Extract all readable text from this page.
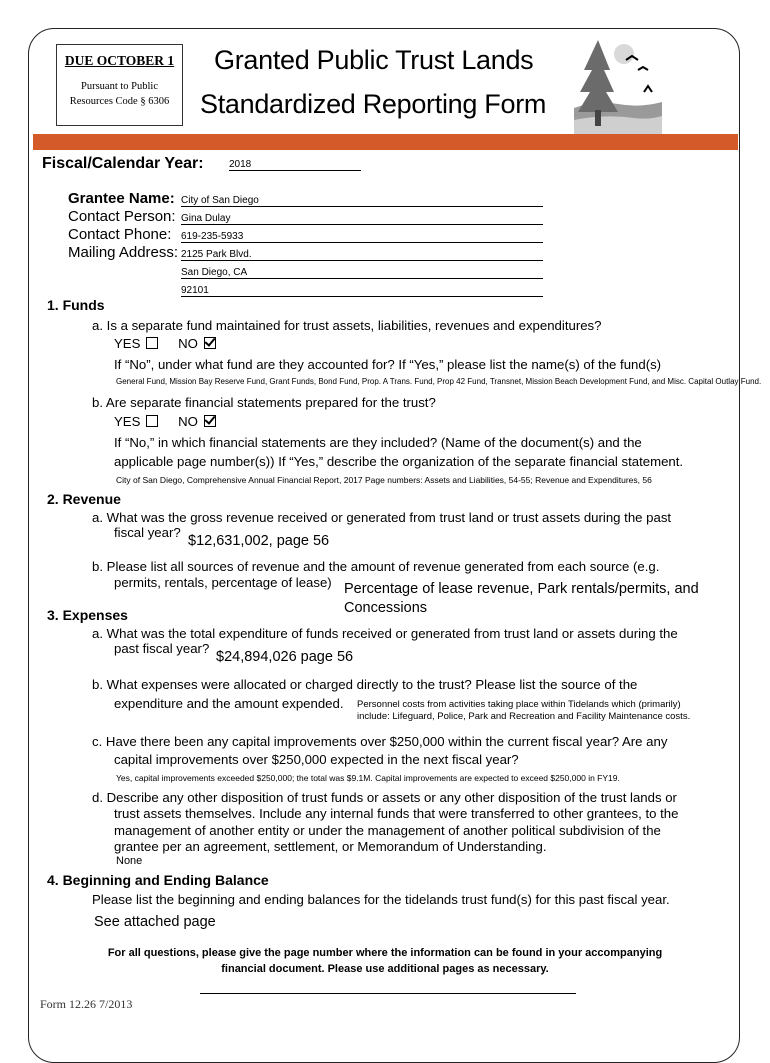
DUE OCTOBER 1
Pursuant to Public
Resources Code § 6306
Granted Public Trust Lands
Standardized Reporting Form
Fiscal/Calendar Year:	2018
Grantee Name: City of San Diego
Contact Person: Gina Dulay
Contact Phone: 619-235-5933
Mailing Address: 2125 Park Blvd.
San Diego, CA
92101
1. Funds
a. Is a separate fund maintained for trust assets, liabilities, revenues and expenditures?
YES	NO
If “No”, under what fund are they accounted for? If “Yes,” please list the name(s) of the fund(s)
General Fund, Mission Bay Reserve Fund, Grant Funds, Bond Fund, Prop. A Trans. Fund, Prop 42 Fund, Transnet, Mission Beach Development Fund, and Misc. Capital Outlay Fund.
b. Are separate financial statements prepared for the trust?
YES	NO
If “No,” in which financial statements are they included? (Name of the document(s) and the
applicable page number(s)) If “Yes,” describe the organization of the separate financial statement.
City of San Diego, Comprehensive Annual Financial Report, 2017 Page numbers: Assets and Liabilities, 54-55; Revenue and Expenditures, 56
2. Revenue
a. What was the gross revenue received or generated from trust land or trust assets during the past
fiscal year?
$12,631,002, page 56
b. Please list all sources of revenue and the amount of revenue generated from each source (e.g.
permits, rentals, percentage of lease) Percentage of lease revenue, Park rentals/permits, and
Concessions
3. Expenses
a. What was the total expenditure of funds received or generated from trust land or assets during the
past fiscal year?
$24,894,026 page 56
b. What expenses were allocated or charged directly to the trust? Please list the source of the
expenditure and the amount expended. Personnel costs from activities taking place within Tidelands which (primarily)
include: Lifeguard, Police, Park and Recreation and Facility Maintenance costs.
c. Have there been any capital improvements over $250,000 within the current fiscal year? Are any
capital improvements over $250,000 expected in the next fiscal year?
Yes, capital improvements exceeded $250,000; the total was $9.1M. Capital improvements are expected to exceed $250,000 in FY19.
d. Describe any other disposition of trust funds or assets or any other disposition of the trust lands or
trust assets themselves. Include any internal funds that were transferred to other grantees, to the
management of another entity or under the management of another political subdivision of the
grantee per an agreement, settlement, or Memorandum of Understanding.
None
4. Beginning and Ending Balance
Please list the beginning and ending balances for the tidelands trust fund(s) for this past fiscal year.
See attached page
For all questions, please give the page number where the information can be found in your accompanying
financial document. Please use additional pages as necessary.
Form 12.26 7/2013
